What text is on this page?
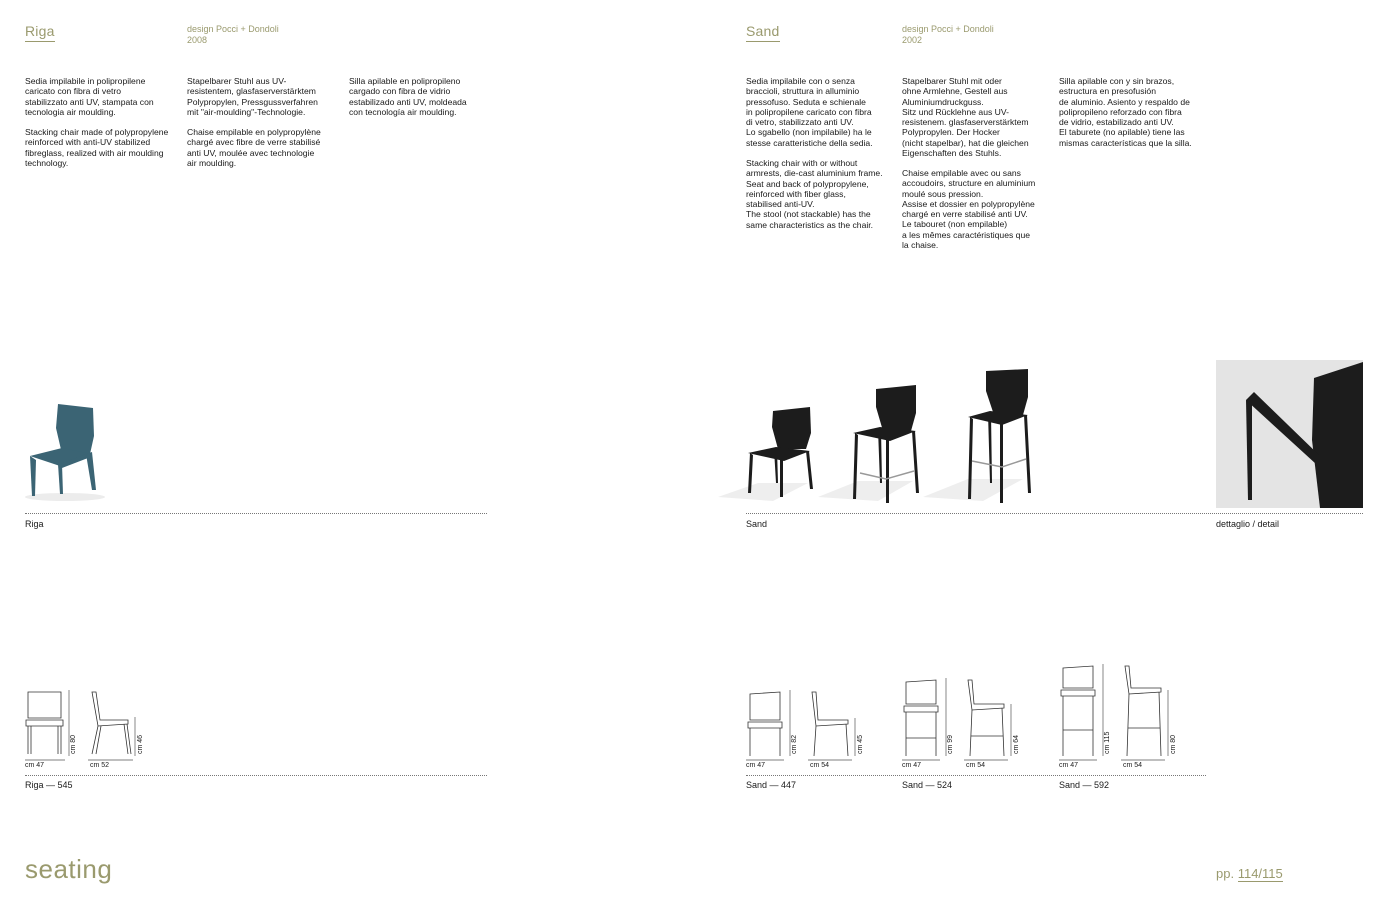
Riga	design Pocci + Dondoli
2008
Sedia impilabile in polipropilene
caricato con fibra di vetro
stabilizzato anti UV, stampata con
tecnologia air moulding.
Stacking chair made of polypropylene
reinforced with anti-UV stabilized
fibreglass, realized with air moulding
technology.
Stapelbarer Stuhl aus UV-
resistentem, glasfaserverstärktem
Polypropylen, Pressgussverfahren
mit "air-moulding"-Technologie.
Chaise empilable en polypropylène
chargé avec fibre de verre stabilisé
anti UV, moulée avec technologie
air moulding.
Silla apilable en polipropileno
cargado con fibra de vidrio
estabilizado anti UV, moldeada
con tecnología air moulding.
Riga
cm 80
cm 47
cm 46
cm 52
Riga — 545
Sand	design Pocci + Dondoli
2002
Sedia impilabile con o senza
braccioli, struttura in alluminio
pressofuso. Seduta e schienale
in polipropilene caricato con fibra
di vetro, stabilizzato anti UV.
Lo sgabello (non impilabile) ha le
stesse caratteristiche della sedia.
Stacking chair with or without
armrests, die-cast aluminium frame.
Seat and back of polypropylene,
reinforced with fiber glass,
stabilised anti-UV.
The stool (not stackable) has the
same characteristics as the chair.
Stapelbarer Stuhl mit oder
ohne Armlehne, Gestell aus
Aluminiumdruckguss.
Sitz und Rücklehne aus UV-
resistenem. glasfaserverstärktem
Polypropylen. Der Hocker
(nicht stapelbar), hat die gleichen
Eigenschaften des Stuhls.
Chaise empilable avec ou sans
accoudoirs, structure en aluminium
moulé sous pression.
Assise et dossier en polypropylène
chargé en verre stabilisé anti UV.
Le tabouret (non empilable)
a les mêmes caractéristiques que
la chaise.
Silla apilable con y sin brazos,
estructura en presofusión
de aluminio. Asiento y respaldo de
polipropileno reforzado con fibra
de vidrio, estabilizado anti UV.
El taburete (no apilable) tiene las
mismas características que la silla.
Sand	dettaglio / detail
cm 82
cm 47
cm 45
cm 54
cm 99
cm 47
cm 64
cm 54
cm 115
cm 47
cm 80
cm 54
Sand — 447	Sand — 524	Sand — 592
seating	pp. 114/115
